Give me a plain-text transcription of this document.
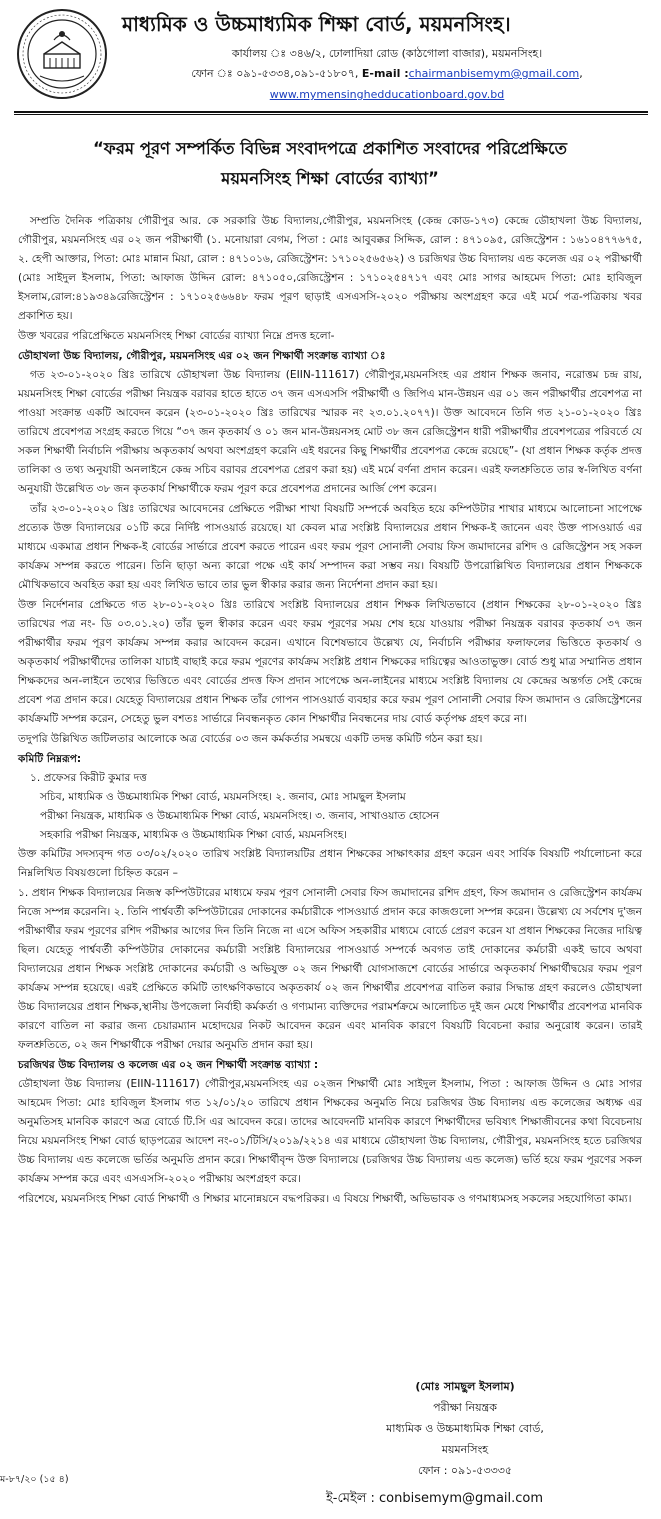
মাধ্যমিক ও উচ্চমাধ্যমিক শিক্ষা বোর্ড, ময়মনসিংহ।
কার্যালয় ঃ ৩৪৬/২, ঢোলাদিয়া রোড (কাঠগোলা বাজার), ময়মনসিংহ।
ফোন ঃ ০৯১-৫৩৩৪,০৯১-৫১৮০৭, E-mail :chairmanbisemym@gmail.com,
www.mymensinghedducationboard.gov.bd
“ফরম পূরণ সম্পর্কিত বিভিন্ন সংবাদপত্রে প্রকাশিত সংবাদের পরিপ্রেক্ষিতে
ময়মনসিংহ শিক্ষা বোর্ডের ব্যাখ্যা”

সম্প্রতি দৈনিক পত্রিকায় গৌরীপুর আর. কে সরকারি উচ্চ বিদ্যালয়,গৌরীপুর, ময়মনসিংহ (কেন্দ্র কোড-১৭৩) কেন্দ্রে ডৌহাখলা উচ্চ বিদ্যালয়, গৌরীপুর, ময়মনসিংহ এর ০২ জন পরীক্ষার্থী (১. মনোয়ারা বেগম, পিতা : মোঃ আবুবক্কর সিদ্দিক, রোল : ৪৭১০৯৫, রেজিস্ট্রেশন : ১৬১০৪৭৭৬৭৫, ২. হেপী আক্তার, পিতা: মোঃ মান্নান মিয়া, রোল : ৪৭১০১৬, রেজিস্ট্রেশন: ১৭১০২৫৬৫৬২) ও চরজিথর উচ্চ বিদ্যালয় এন্ড কলেজ এর ০২ পরীক্ষার্থী (মোঃ সাইদুল ইসলাম, পিতা: আফাজ উদ্দিন রোল: ৪৭১০৫০,রেজিস্ট্রেশন : ১৭১০২৫৪৭১৭ এবং মোঃ সাগর আহমেদ পিতা: মোঃ হাবিজুল ইসলাম,রোল:৪১৯৩৪৯রেজিস্ট্রেশন : ১৭১০২৫৬৬৪৮ ফরম পূরণ ছাড়াই এসএসসি-২০২০ পরীক্ষায় অংশগ্রহণ করে এই মর্মে পত্র-পত্রিকায় খবর প্রকাশিত হয়।

উক্ত খবরের পরিপ্রেক্ষিতে ময়মনসিংহ শিক্ষা বোর্ডের ব্যাখ্যা নিম্নে প্রদত্ত হলো-

ডৌহাখলা উচ্চ বিদ্যালয়, গৌরীপুর, ময়মনসিংহ এর ০২ জন শিক্ষার্থী সংক্রান্ত ব্যাখ্যা ঃ

গত ২৩-০১-২০২০ খ্রিঃ তারিখে ডৌহাখলা উচ্চ বিদ্যালয় (EIIN-111617) গৌরীপুর,ময়মনসিংহ এর প্রধান শিক্ষক জনাব, নরোত্তম চন্দ্র রায়, ময়মনসিংহ শিক্ষা বোর্ডের পরীক্ষা নিয়ন্ত্রক বরাবর হাতে হাতে ৩৭ জন এসএসসি পরীক্ষার্থী ও জিপিএ মান-উন্নয়ন এর ০১ জন পরীক্ষার্থীর প্রবেশপত্র না পাওয়া সংক্রান্ত একটি আবেদন করেন (২৩-০১-২০২০ খ্রিঃ তারিখের স্মারক নং ২৩.০১.২০৭৭)। উক্ত আবেদনে তিনি গত ২১-০১-২০২০ খ্রিঃ তারিখে প্রবেশপত্র সংগ্রহ করতে গিয়ে “৩৭ জন কৃতকার্য ও ০১ জন মান-উন্নয়নসহ মোট ৩৮ জন রেজিস্ট্রেশন ধারী পরীক্ষার্থীর প্রবেশপত্রের পরিবর্তে যে সকল শিক্ষার্থী নির্বাচনি পরীক্ষায় অকৃতকার্য অথবা অংশগ্রহণ করেনি এই ধরনের কিছু শিক্ষার্থীর প্রবেশপত্র কেন্দ্রে রয়েছে”- (যা প্রধান শিক্ষক কর্তৃক প্রদত্ত তালিকা ও তথ্য অনুযায়ী অনলাইনে কেন্দ্র সচিব বরাবর প্রবেশপত্র প্রেরণ করা হয়) এই মর্মে বর্ণনা প্রদান করেন। এরই ফলশ্রুতিতে তার স্ব-লিখিত বর্ণনা অনুযায়ী উল্লেখিত ৩৮ জন কৃতকার্য শিক্ষার্থীকে ফরম পূরণ করে প্রবেশপত্র প্রদানের আর্জি পেশ করেন।

তাঁর ২৩-০১-২০২০ খ্রিঃ তারিখের আবেদনের প্রেক্ষিতে পরীক্ষা শাখা বিষয়টি সম্পর্কে অবহিত হয়ে কম্পিউটার শাখার মাধ্যমে আলোচনা সাপেক্ষে প্রত্যেক উক্ত বিদ্যালয়ের ০১টি করে নির্দিষ্ট পাসওয়ার্ড রয়েছে। যা কেবল মাত্র সংশ্লিষ্ট বিদ্যালয়ের প্রধান শিক্ষক-ই জানেন এবং উক্ত পাসওয়ার্ড এর মাধ্যমে একমাত্র প্রধান শিক্ষক-ই বোর্ডের সার্ভারে প্রবেশ করতে পারেন এবং ফরম পূরণ সোনালী সেবায় ফিস জমাদানের রশিদ ও রেজিস্ট্রেশন সহ সকল কার্যক্রম সম্পন্ন করতে পারেন। তিনি ছাড়া অন্য কারো পক্ষে এই কার্য সম্পাদন করা সম্ভব নয়। বিষয়টি উপরোল্লিখিত বিদ্যালয়ের প্রধান শিক্ষককে মৌখিকভাবে অবহিত করা হয় এবং লিখিত ভাবে তার ভুল স্বীকার করার জন্য নির্দেশনা প্রদান করা হয়।

উক্ত নির্দেশনার প্রেক্ষিতে গত ২৮-০১-২০২০ খ্রিঃ তারিখে সংশ্লিষ্ট বিদ্যালয়ের প্রধান শিক্ষক লিখিতভাবে (প্রধান শিক্ষকের ২৮-০১-২০২০ খ্রিঃ তারিখের পত্র নং- ডি ০৩.০১.২০) তাঁর ভুল স্বীকার করেন এবং ফরম পূরণের সময় শেষ হয়ে যাওয়ায় পরীক্ষা নিয়ন্ত্রক বরাবর কৃতকার্য ৩৭ জন পরীক্ষার্থীর ফরম পূরণ কার্যক্রম সম্পন্ন করার আবেদন করেন। এখানে বিশেষভাবে উল্লেখ্য যে, নির্বাচনি পরীক্ষার ফলাফলের ভিত্তিতে কৃতকার্য ও অকৃতকার্য পরীক্ষার্থীদের তালিকা যাচাই বাছাই করে ফরম পূরণের কার্যক্রম সংশ্লিষ্ট প্রধান শিক্ষকের দায়িত্বের আওতাভুক্ত। বোর্ড শুধু মাত্র সম্মানিত প্রধান শিক্ষকদের অন-লাইনে তথ্যের ভিত্তিতে এবং বোর্ডের প্রদত্ত ফিস প্রদান সাপেক্ষে অন-লাইনের মাধ্যমে সংশ্লিষ্ট বিদ্যালয় যে কেন্দ্রের অন্তর্গত সেই কেন্দ্রে প্রবেশ পত্র প্রদান করে। যেহেতু বিদ্যালয়ের প্রধান শিক্ষক তাঁর গোপন পাসওয়ার্ড ব্যবহার করে ফরম পূরণ সোনালী সেবার ফিস জমাদান ও রেজিস্ট্রেশনের কার্যক্রমটি সম্পন্ন করেন, সেহেতু ভুল বশতঃ সার্ভারে নিবন্ধনকৃত কোন শিক্ষার্থীর নিবন্ধনের দায় বোর্ড কর্তৃপক্ষ গ্রহণ করে না।

তদুপরি উল্লিখিত জটিলতার আলোকে অত্র বোর্ডের ০৩ জন কর্মকর্তার সমন্বয়ে একটি তদন্ত কমিটি গঠন করা হয়।

কমিটি নিম্নরূপ:

১. প্রফেসর কিরীট কুমার দত্ত
সচিব, মাধ্যমিক ও উচ্চমাধ্যমিক শিক্ষা বোর্ড, ময়মনসিংহ। ২. জনাব, মোঃ সামছুল ইসলাম
পরীক্ষা নিয়ন্ত্রক, মাধ্যমিক ও উচ্চমাধ্যমিক শিক্ষা বোর্ড, ময়মনসিংহ। ৩. জনাব, সাখাওয়াত হোসেন
সহকারি পরীক্ষা নিয়ন্ত্রক, মাধ্যমিক ও উচ্চমাধ্যমিক শিক্ষা বোর্ড, ময়মনসিংহ।

উক্ত কমিটির সদস্যবৃন্দ গত ০৩/০২/২০২০ তারিখ সংশ্লিষ্ট বিদ্যালয়টির প্রধান শিক্ষকের সাক্ষাৎকার গ্রহণ করেন এবং সার্বিক বিষয়টি পর্যালোচনা করে নিম্নলিখিত বিষয়গুলো চিহ্নিত করেন –

১. প্রধান শিক্ষক বিদ্যালয়ের নিজস্ব কম্পিউটারের মাধ্যমে ফরম পূরণ সোনালী সেবার ফিস জমাদানের রশিদ গ্রহণ, ফিস জমাদান ও রেজিস্ট্রেশন কার্যক্রম নিজে সম্পন্ন করেননি। ২. তিনি পার্শ্ববর্তী কম্পিউটারের দোকানের কর্মচারীকে পাসওয়ার্ড প্রদান করে কাজগুলো সম্পন্ন করেন। উল্লেখ্য যে সর্বশেষ দু'জন পরীক্ষার্থীর ফরম পূরণের রশিদ পরীক্ষার আগের দিন তিনি নিজে না এসে অফিস সহকারীর মাধ্যমে বোর্ডে প্রেরণ করেন যা প্রধান শিক্ষকের নিজের দায়িত্ব ছিল। যেহেতু পার্শ্ববর্তী কম্পিউটার দোকানের কর্মচারী সংশ্লিষ্ট বিদ্যালয়ের পাসওয়ার্ড সম্পর্কে অবগত তাই দোকানের কর্মচারী একই ভাবে অথবা বিদ্যালয়ের প্রধান শিক্ষক সংশ্লিষ্ট দোকানের কর্মচারী ও অভিযুক্ত ০২ জন শিক্ষার্থী যোগসাজশে বোর্ডের সার্ভারে অকৃতকার্য শিক্ষার্থীদ্বয়ের ফরম পূরণ কার্যক্রম সম্পন্ন হয়েছে। এরই প্রেক্ষিতে কমিটি তাৎক্ষণিকভাবে অকৃতকার্য ০২ জন শিক্ষার্থীর প্রবেশপত্র বাতিল করার সিদ্ধান্ত গ্রহণ করলেও ডৌহাখলা উচ্চ বিদ্যালয়ের প্রধান শিক্ষক,স্থানীয় উপজেলা নির্বাহী কর্মকর্তা ও গণ্যমান্য ব্যক্তিদের পরামর্শক্রমে আলোচিত দুই জন মেধে শিক্ষার্থীর প্রবেশপত্র মানবিক কারণে বাতিল না করার জন্য চেয়ারম্যান মহোদয়ের নিকট আবেদন করেন এবং মানবিক কারণে বিষয়টি বিবেচনা করার অনুরোধ করেন। তারই ফলশ্রুতিতে, ০২ জন শিক্ষার্থীকে পরীক্ষা দেয়ার অনুমতি প্রদান করা হয়।

চরজিথর উচ্চ বিদ্যালয় ও কলেজ এর ০২ জন শিক্ষার্থী সংক্রান্ত ব্যাখ্যা :

ডৌহাখলা উচ্চ বিদ্যালয় (EIIN-111617) গৌরীপুর,ময়মনসিংহ এর ০২জন শিক্ষার্থী মোঃ সাইদুল ইসলাম, পিতা : আফাজ উদ্দিন ও মোঃ সাগর আহমেদ পিতা: মোঃ হাবিজুল ইসলাম গত ১২/০১/২০ তারিখে প্রধান শিক্ষকের অনুমতি নিয়ে চরজিথর উচ্চ বিদ্যালয় এন্ড কলেজের অধ্যক্ষ এর অনুমতিসহ মানবিক কারণে অত্র বোর্ডে টি.সি এর আবেদন করে। তাদের আবেদনটি মানবিক কারণে শিক্ষার্থীদের ভবিষ্যৎ শিক্ষাজীবনের কথা বিবেচনায় নিয়ে ময়মনসিংহ শিক্ষা বোর্ড ছাড়পত্রের আদেশ নং-০১/টিসি/২০১৯/২২১৪ এর মাধ্যমে ডৌহাখলা উচ্চ বিদ্যালয়, গৌরীপুর, ময়মনসিংহ হতে চরজিথর উচ্চ বিদ্যালয় এন্ড কলেজে ভর্তির অনুমতি প্রদান করে। শিক্ষার্থীবৃন্দ উক্ত বিদ্যালয়ে (চরজিথর উচ্চ বিদ্যালয় এন্ড কলেজ) ভর্তি হয়ে ফরম পূরণের সকল কার্যক্রম সম্পন্ন করে এবং এসএসসি-২০২০ পরীক্ষায় অংশগ্রহণ করে।

পরিশেষে, ময়মনসিংহ শিক্ষা বোর্ড শিক্ষার্থী ও শিক্ষার মানোন্নয়নে বদ্ধপরিকর। এ বিষয়ে শিক্ষার্থী, অভিভাবক ও গণমাধ্যমসহ সকলের সহযোগিতা কাম্য।

(মোঃ সামছুল ইসলাম)
পরীক্ষা নিয়ন্ত্রক
মাধ্যমিক ও উচ্চমাধ্যমিক শিক্ষা বোর্ড,
ময়মনসিংহ
ফোন : ০৯১-৫৩৩৩৫
ম-৮৭/২০ (১৫ ৪)
ই-মেইল : conbisemym@gmail.com
